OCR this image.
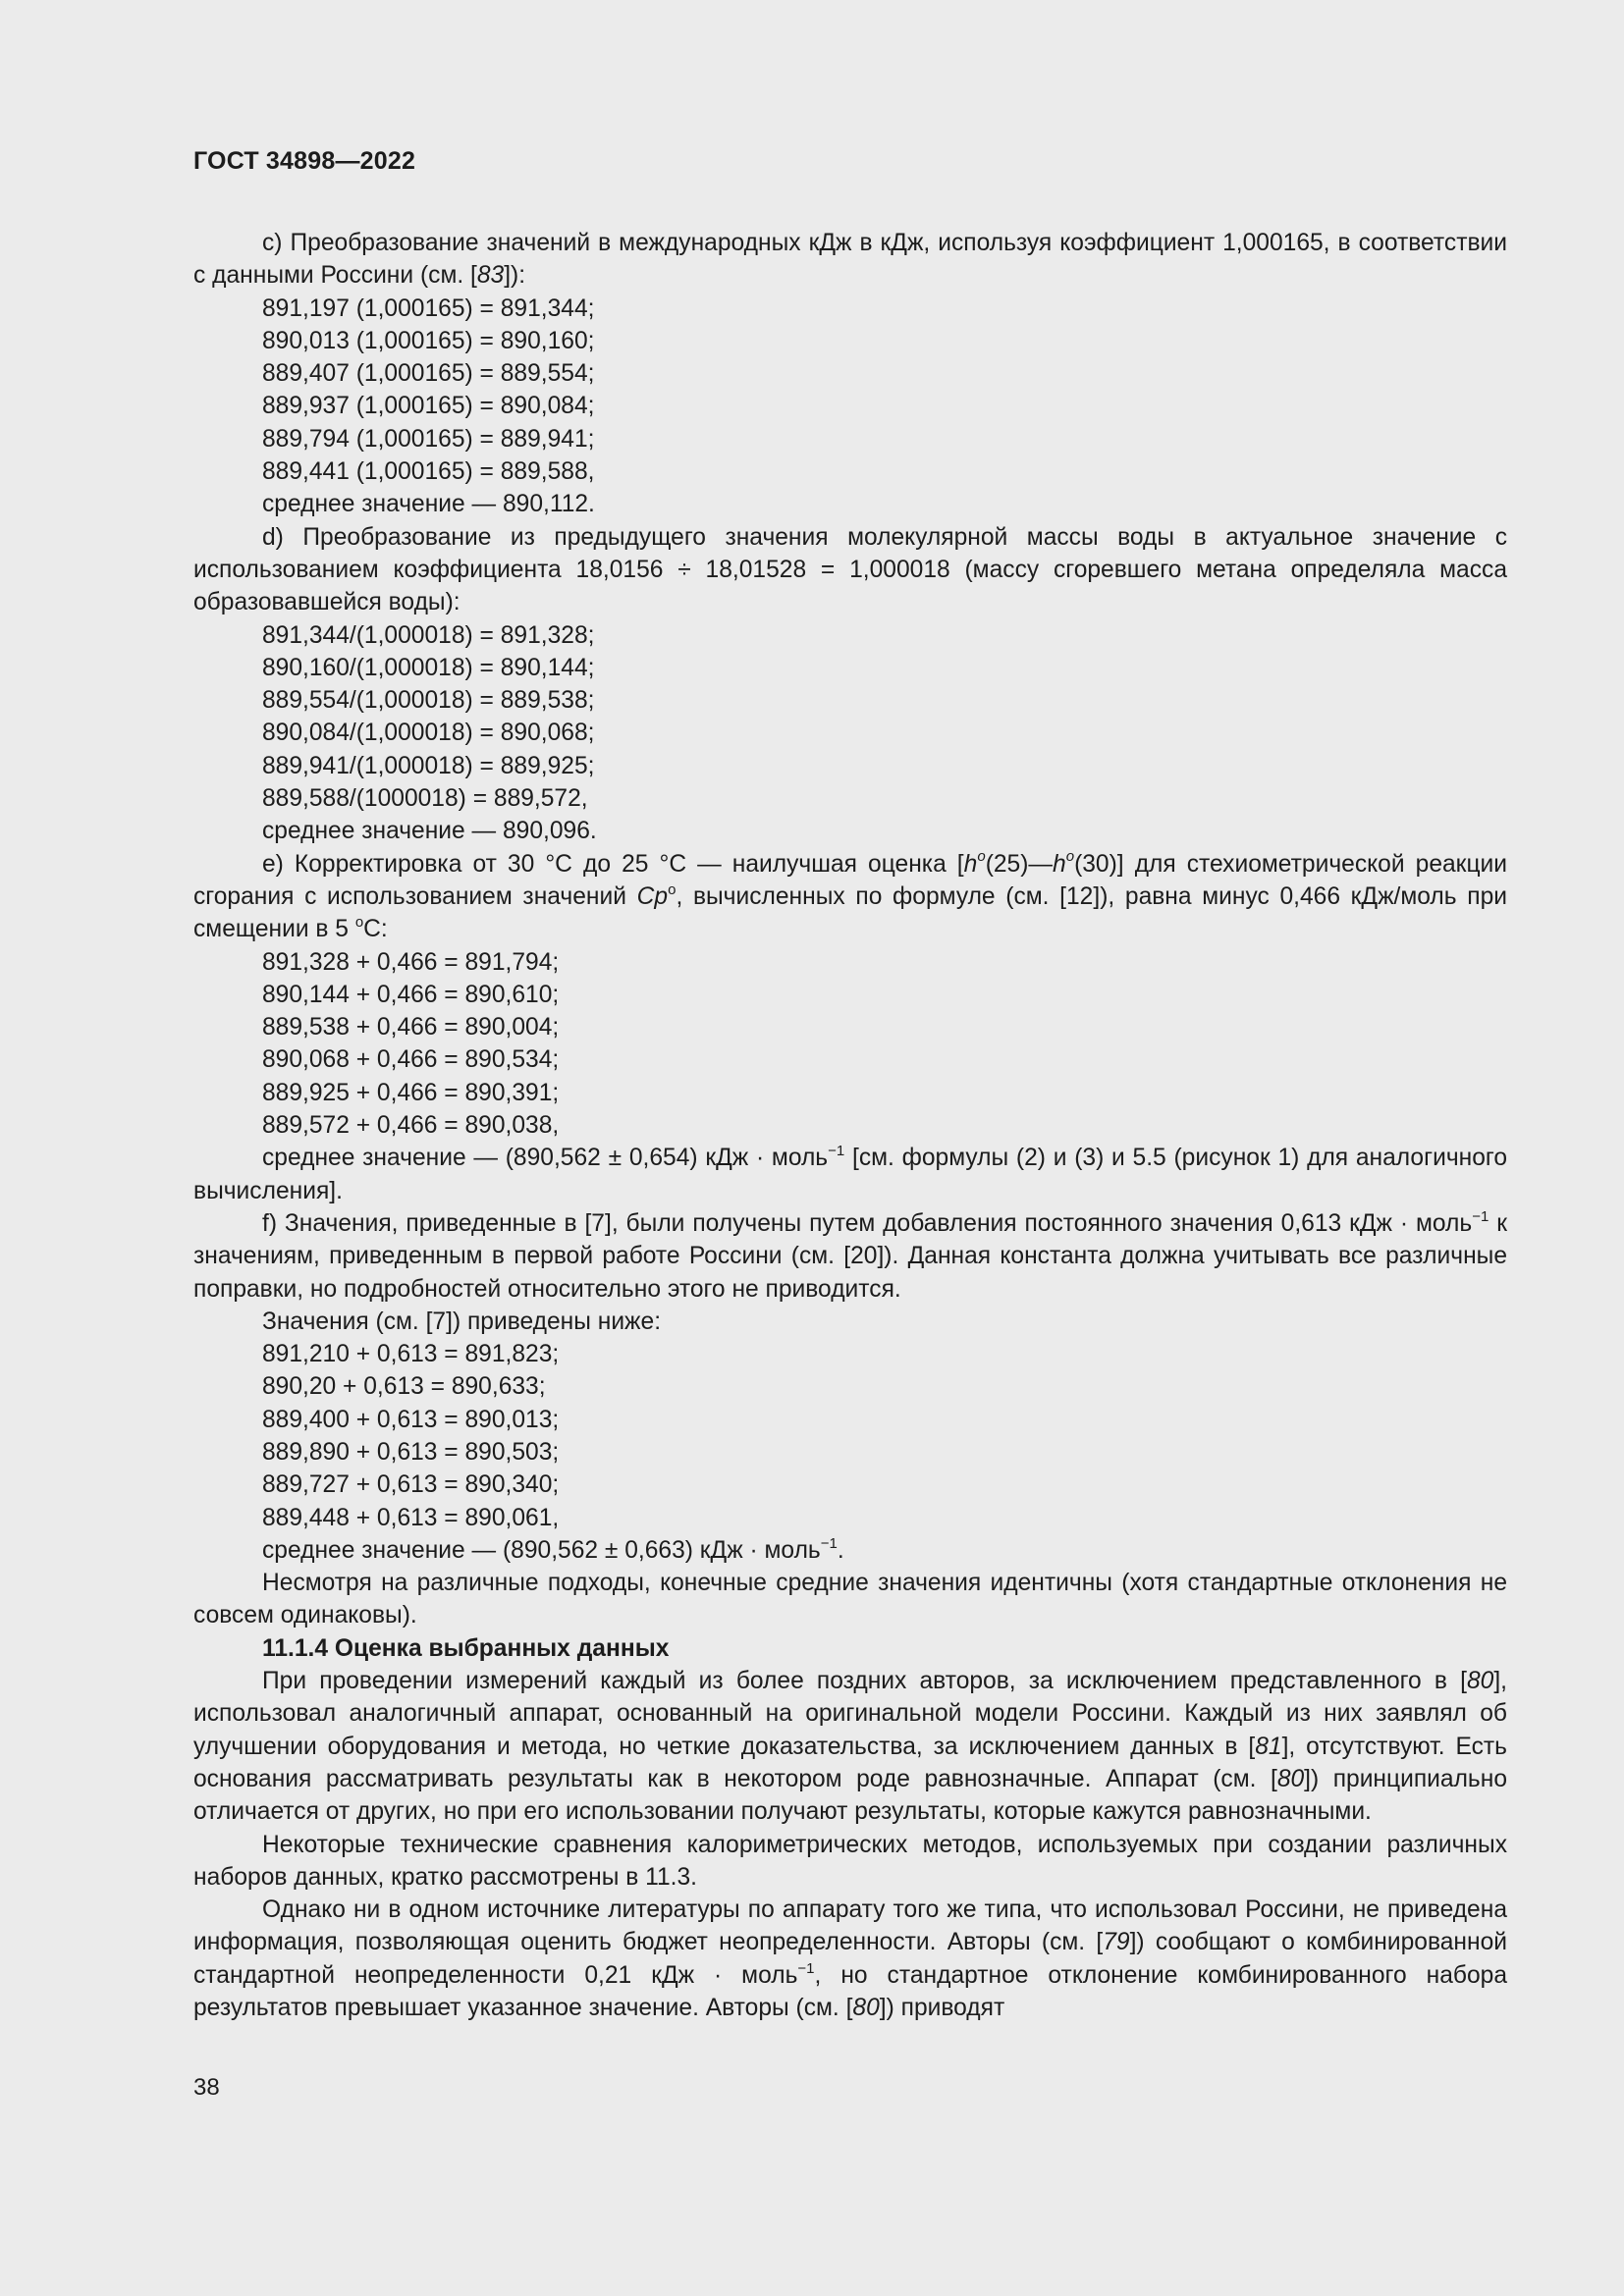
ГОСТ 34898—2022

c) Преобразование значений в международных кДж в кДж, используя коэффициент 1,000165, в соответствии с данными Россини (см. [83]):

891,197 (1,000165) = 891,344;

890,013 (1,000165) = 890,160;

889,407 (1,000165) = 889,554;

889,937 (1,000165) = 890,084;

889,794 (1,000165) = 889,941;

889,441 (1,000165) = 889,588,

среднее значение — 890,112.

d) Преобразование из предыдущего значения молекулярной массы воды в актуальное значение с использованием коэффициента 18,0156 ÷ 18,01528 = 1,000018 (массу сгоревшего метана определяла масса образовавшейся воды):

891,344/(1,000018) = 891,328;

890,160/(1,000018) = 890,144;

889,554/(1,000018) = 889,538;

890,084/(1,000018) = 890,068;

889,941/(1,000018) = 889,925;

889,588/(1000018) = 889,572,

среднее значение — 890,096.

e) Корректировка от 30 °C до 25 °C — наилучшая оценка $[h^o(25)—h^o(30)]$ для стехиометрической реакции сгорания с использованием значений Cp$^o$, вычисленных по формуле (см. [12]), равна минус 0,466 кДж/моль при смещении в 5 $^o$C:

891,328 + 0,466 = 891,794;

890,144 + 0,466 = 890,610;

889,538 + 0,466 = 890,004;

890,068 + 0,466 = 890,534;

889,925 + 0,466 = 890,391;

889,572 + 0,466 = 890,038,

среднее значение — (890,562 ± 0,654) кДж · моль$^{-1}$ [см. формулы (2) и (3) и 5.5 (рисунок 1) для аналогичного вычисления].

f) Значения, приведенные в [7], были получены путем добавления постоянного значения 0,613 кДж · моль$^{-1}$ к значениям, приведенным в первой работе Россини (см. [20]). Данная константа должна учитывать все различные поправки, но подробностей относительно этого не приводится.

Значения (см. [7]) приведены ниже:

891,210 + 0,613 = 891,823;

890,20 + 0,613 = 890,633;

889,400 + 0,613 = 890,013;

889,890 + 0,613 = 890,503;

889,727 + 0,613 = 890,340;

889,448 + 0,613 = 890,061,

среднее значение — (890,562 ± 0,663) кДж · моль$^{-1}$.

Несмотря на различные подходы, конечные средние значения идентичны (хотя стандартные отклонения не совсем одинаковы).

11.1.4 Оценка выбранных данных

При проведении измерений каждый из более поздних авторов, за исключением представленного в [80], использовал аналогичный аппарат, основанный на оригинальной модели Россини. Каждый из них заявлял об улучшении оборудования и метода, но четкие доказательства, за исключением данных в [81], отсутствуют. Есть основания рассматривать результаты как в некотором роде равнозначные. Аппарат (см. [80]) принципиально отличается от других, но при его использовании получают результаты, которые кажутся равнозначными.

Некоторые технические сравнения калориметрических методов, используемых при создании различных наборов данных, кратко рассмотрены в 11.3.

Однако ни в одном источнике литературы по аппарату того же типа, что использовал Россини, не приведена информация, позволяющая оценить бюджет неопределенности. Авторы (см. [79]) сообщают о комбинированной стандартной неопределенности 0,21 кДж · моль$^{-1}$, но стандартное отклонение комбинированного набора результатов превышает указанное значение. Авторы (см. [80]) приводят

38
